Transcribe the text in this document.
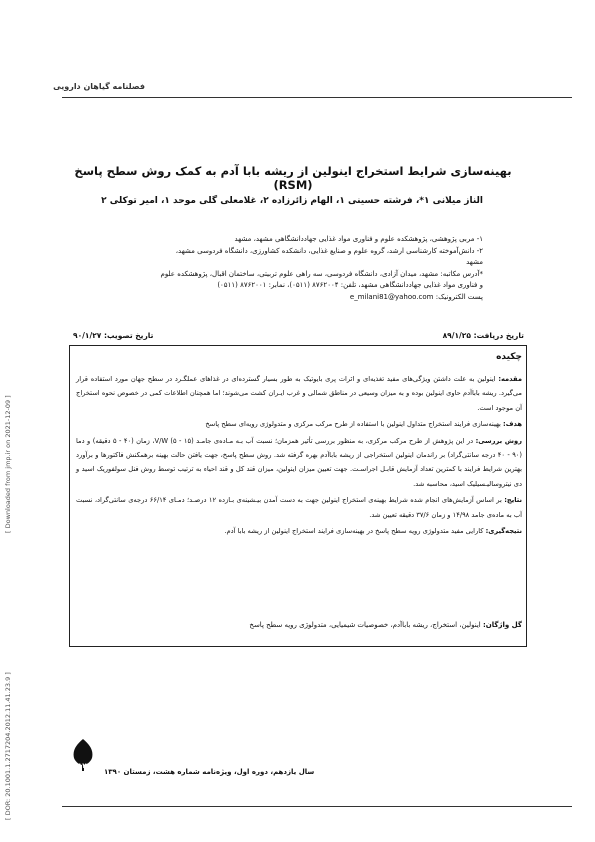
[ Downloaded from jmp.ir on 2021-12-09 ]
[ DOR: 20.1001.1.2717204.2012.11.41.23.9 ]
فصلنامه گیاهان دارویی
بهینه‌سازی شرایط استخراج اینولین از ریشه بابا آدم به کمک روش سطح پاسخ (RSM)
الناز میلانی ۱*، فرشته حسینی ۱، الهام زائرزاده ۲، غلامعلی گلی موحد ۱، امیر توکلی ۲
۱- مربی پژوهشی، پژوهشکده علوم و فناوری مواد غذایی جهاددانشگاهی مشهد، مشهد
۲- دانش‌آموخته کارشناسی ارشد، گروه علوم و صنایع غذایی، دانشکده کشاورزی، دانشگاه فردوسی مشهد،
مشهد
*آدرس مکاتبه: مشهد، میدان آزادی، دانشگاه فردوسی، سه راهی علوم تربیتی، ساختمان اقبال، پژوهشکده علوم
و فناوری مواد غذایی جهاددانشگاهی مشهد، تلفن: ۸۷۶۲۰۰۴ (۰۵۱۱)، نمابر: ۸۷۶۲۰۰۱ (۰۵۱۱)
پست الکترونیک: e_milani81@yahoo.com
تاریخ تصویب: ۹۰/۱/۲۷	تاریخ دریافت: ۸۹/۱/۲۵
چکیده

مقدمه: اینولین به علت داشتن ویژگی‌های مفید تغذیه‌ای و اثرات پری بایوتیک به طور بسیار گسترده‌ای در غذاهای عملگـرد در سطح جهان مورد استفاده قرار می‌گیرد. ریشه باباآدم حاوی اینولین بوده و به میزان وسیعی در مناطق شمالی و غرب ایـران کشت می‌شوند؛ اما همچنان اطلاعات کمی در خصوص نحوه استخراج آن موجود است.

هدف: بهینه‌سازی فرایند استخراج متداول اینولین با استفاده از طرح مرکب مرکزی و متدولوژی رویه‌ای سطح پاسخ

روش بررسی: در این پژوهش از طرح مرکب مرکزی، به منظور بررسی تأثیر همزمان؛ نسبت آب بـه مـاده‌ی جامـد V/W (۵ - ۱۵)، زمان (۴۰ - ۵ دقیقه) و دما (۹۰ - ۴۰ درجه سانتی‌گراد) بر راندمان اینولین استخراجی از ریشه باباآدم بهره گرفته شد. روش سطح پاسخ، جهت یافتن حالت بهینه برهمکنش فاکتورها و برآورد بهترین شرایط فرایند با کمترین تعداد آزمایش قابـل اجراسـت. جهت تعیین میزان اینولین، میزان قند کل و قند احیاء به ترتیب توسط روش فنل سولفوریک اسید و دی نیتروسالیـسیلیک اسید، محاسبه شد.

نتایج: بر اساس آزمایش‌های انجام شده شرایط بهینه‌ی استخراج اینولین جهت به دست آمدن بیـشینه‌ی بـازده ۱۲ درصـد؛ دمـای ۶۶/۱۴ درجه‌ی سانتی‌گراد، نسبت آب به ماده‌ی جامد ۱۴/۹۸ و زمان ۳۷/۶ دقیقه تعیین شد.

نتیجه‌گیری: کارایی مفید متدولوژی رویه سطح پاسخ در بهینه‌سازی فرایند استخراج اینولین از ریشه بابا آدم.

گل واژگان: اینولین، استخراج، ریشه باباآدم، خصوصیات شیمیایی، متدولوژی رویه سطح پاسخ
۱۲۹
سال یازدهم، دوره اول، ویژه‌نامه شماره هشت، زمستان ۱۳۹۰
